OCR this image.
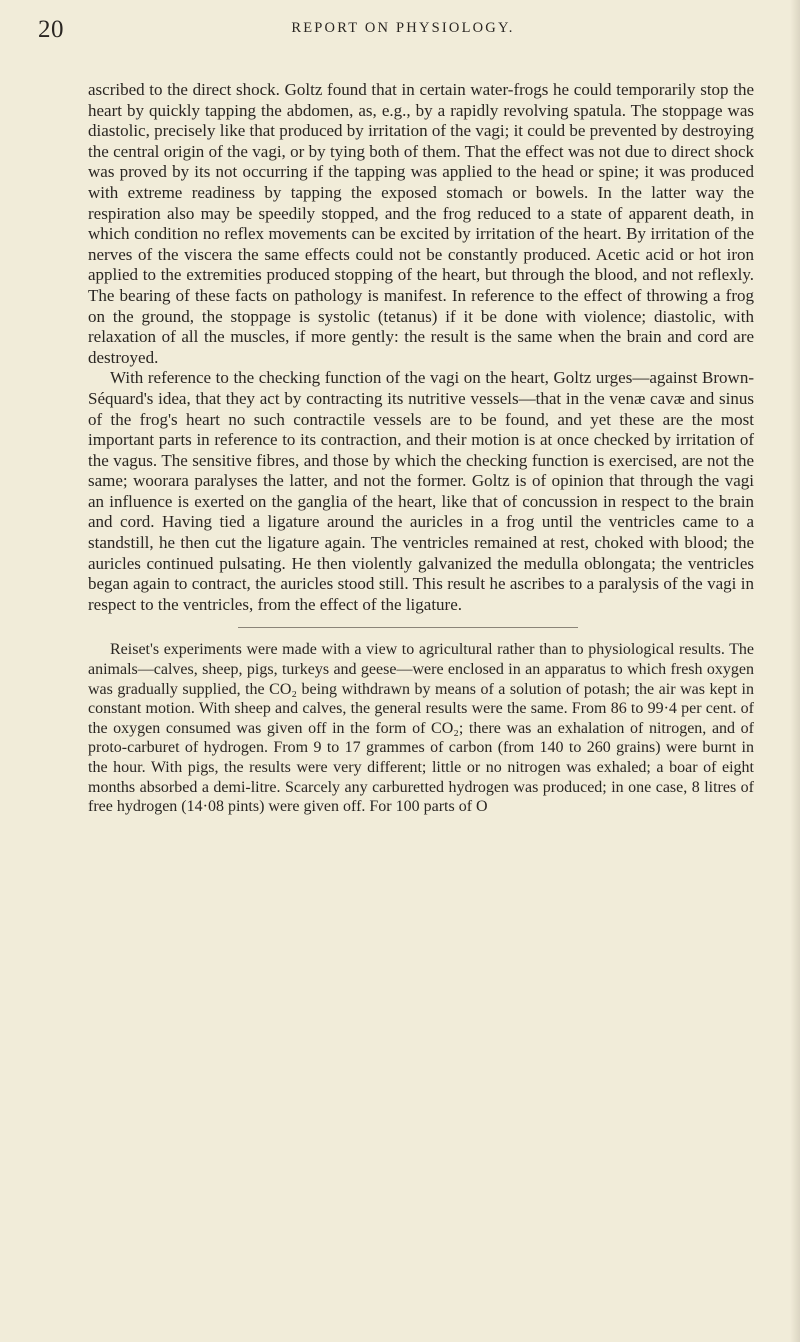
20	REPORT ON PHYSIOLOGY.

ascribed to the direct shock. Goltz found that in certain water-frogs he could temporarily stop the heart by quickly tapping the abdomen, as, e.g., by a rapidly revolving spatula. The stoppage was diastolic, precisely like that produced by irritation of the vagi; it could be prevented by destroying the central origin of the vagi, or by tying both of them. That the effect was not due to direct shock was proved by its not occurring if the tapping was applied to the head or spine; it was produced with extreme readiness by tapping the exposed stomach or bowels. In the latter way the respiration also may be speedily stopped, and the frog reduced to a state of apparent death, in which condition no reflex movements can be excited by irritation of the heart. By irritation of the nerves of the viscera the same effects could not be constantly produced. Acetic acid or hot iron applied to the extremities produced stopping of the heart, but through the blood, and not reflexly. The bearing of these facts on pathology is manifest. In reference to the effect of throwing a frog on the ground, the stoppage is systolic (tetanus) if it be done with violence; diastolic, with relaxation of all the muscles, if more gently: the result is the same when the brain and cord are destroyed.

With reference to the checking function of the vagi on the heart, Goltz urges—against Brown-Séquard's idea, that they act by contracting its nutritive vessels—that in the venæ cavæ and sinus of the frog's heart no such contractile vessels are to be found, and yet these are the most important parts in reference to its contraction, and their motion is at once checked by irritation of the vagus. The sensitive fibres, and those by which the checking function is exercised, are not the same; woorara paralyses the latter, and not the former. Goltz is of opinion that through the vagi an influence is exerted on the ganglia of the heart, like that of concussion in respect to the brain and cord. Having tied a ligature around the auricles in a frog until the ventricles came to a standstill, he then cut the ligature again. The ventricles remained at rest, choked with blood; the auricles continued pulsating. He then violently galvanized the medulla oblongata; the ventricles began again to contract, the auricles stood still. This result he ascribes to a paralysis of the vagi in respect to the ventricles, from the effect of the ligature.

Reiset's experiments were made with a view to agricultural rather than to physiological results. The animals—calves, sheep, pigs, turkeys and geese—were enclosed in an apparatus to which fresh oxygen was gradually supplied, the CO₂ being withdrawn by means of a solution of potash; the air was kept in constant motion. With sheep and calves, the general results were the same. From 86 to 99·4 per cent. of the oxygen consumed was given off in the form of CO₂; there was an exhalation of nitrogen, and of proto-carburet of hydrogen. From 9 to 17 grammes of carbon (from 140 to 260 grains) were burnt in the hour. With pigs, the results were very different; little or no nitrogen was exhaled; a boar of eight months absorbed a demi-litre. Scarcely any carburetted hydrogen was produced; in one case, 8 litres of free hydrogen (14·08 pints) were given off. For 100 parts of O
